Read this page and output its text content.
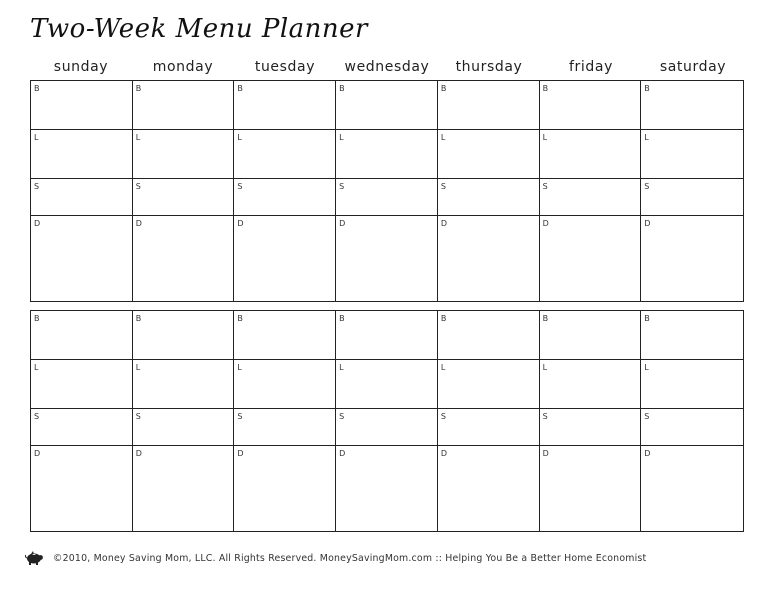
Two-Week Menu Planner
sunday	monday	tuesday	wednesday	thursday	friday	saturday
B	B	B	B	B	B	B
L	L	L	L	L	L	L
S	S	S	S	S	S	S
D	D	D	D	D	D	D
B	B	B	B	B	B	B
L	L	L	L	L	L	L
S	S	S	S	S	S	S
D	D	D	D	D	D	D
©2010, Money Saving Mom, LLC. All Rights Reserved. MoneySavingMom.com :: Helping You Be a Better Home Economist
